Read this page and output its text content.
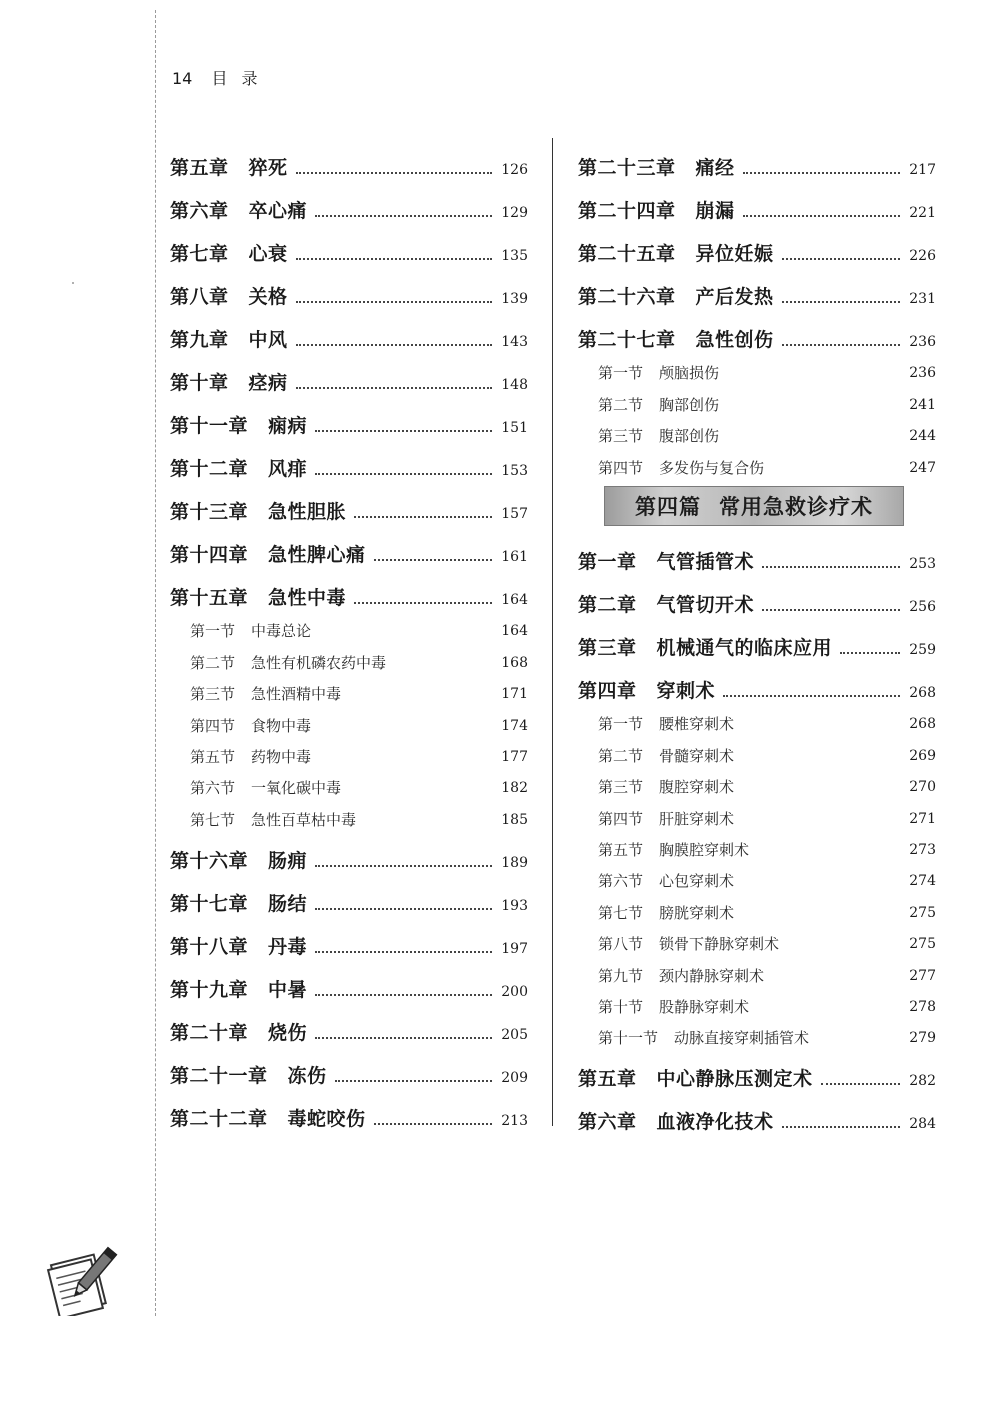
14 目 录
第五章 猝死	126
第六章 卒心痛	129
第七章 心衰	135
第八章 关格	139
第九章 中风	143
第十章 痉病	148
第十一章 痫病	151
第十二章 风痱	153
第十三章 急性胆胀	157
第十四章 急性脾心痛	161
第十五章 急性中毒	164
第一节 中毒总论	164
第二节 急性有机磷农药中毒	168
第三节 急性酒精中毒	171
第四节 食物中毒	174
第五节 药物中毒	177
第六节 一氧化碳中毒	182
第七节 急性百草枯中毒	185
第十六章 肠痈	189
第十七章 肠结	193
第十八章 丹毒	197
第十九章 中暑	200
第二十章 烧伤	205
第二十一章 冻伤	209
第二十二章 毒蛇咬伤	213
第二十三章 痛经	217
第二十四章 崩漏	221
第二十五章 异位妊娠	226
第二十六章 产后发热	231
第二十七章 急性创伤	236
第一节 颅脑损伤	236
第二节 胸部创伤	241
第三节 腹部创伤	244
第四节 多发伤与复合伤	247
第四篇 常用急救诊疗术
第一章 气管插管术	253
第二章 气管切开术	256
第三章 机械通气的临床应用	259
第四章 穿刺术	268
第一节 腰椎穿刺术	268
第二节 骨髓穿刺术	269
第三节 腹腔穿刺术	270
第四节 肝脏穿刺术	271
第五节 胸膜腔穿刺术	273
第六节 心包穿刺术	274
第七节 膀胱穿刺术	275
第八节 锁骨下静脉穿刺术	275
第九节 颈内静脉穿刺术	277
第十节 股静脉穿刺术	278
第十一节 动脉直接穿刺插管术	279
第五章 中心静脉压测定术	282
第六章 血液净化技术	284
